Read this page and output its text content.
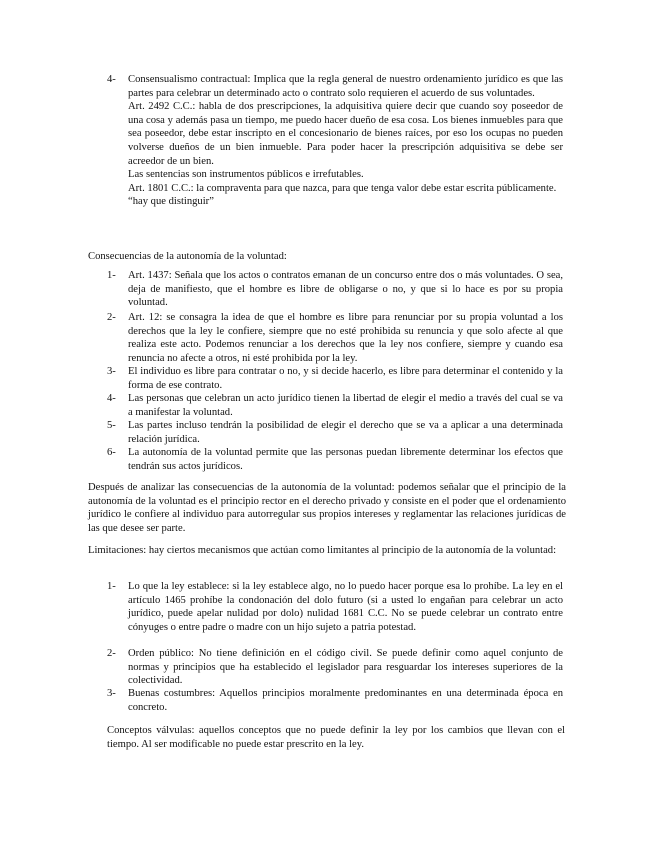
4- Consensualismo contractual: Implica que la regla general de nuestro ordenamiento jurídico es que las partes para celebrar un determinado acto o contrato solo requieren el acuerdo de sus voluntades.

Art. 2492 C.C.: habla de dos prescripciones, la adquisitiva quiere decir que cuando soy poseedor de una cosa y además pasa un tiempo, me puedo hacer dueño de esa cosa. Los bienes inmuebles para que sea poseedor, debe estar inscripto en el concesionario de bienes raíces, por eso los ocupas no pueden volverse dueños de un bien inmueble. Para poder hacer la prescripción adquisitiva se debe ser acreedor de un bien.

Las sentencias son instrumentos públicos e irrefutables.

Art. 1801 C.C.: la compraventa para que nazca, para que tenga valor debe estar escrita públicamente.

“hay que distinguir”

Consecuencias de la autonomía de la voluntad:
1- Art. 1437: Señala que los actos o contratos emanan de un concurso entre dos o más voluntades. O sea, deja de manifiesto, que el hombre es libre de obligarse o no, y que si lo hace es por su propia voluntad.
2- Art. 12: se consagra la idea de que el hombre es libre para renunciar por su propia voluntad a los derechos que la ley le confiere, siempre que no esté prohibida su renuncia y que solo afecte al que realiza este acto. Podemos renunciar a los derechos que la ley nos confiere, siempre y cuando esa renuncia no afecte a otros, ni esté prohibida por la ley.
3- El individuo es libre para contratar o no, y si decide hacerlo, es libre para determinar el contenido y la forma de ese contrato.
4- Las personas que celebran un acto jurídico tienen la libertad de elegir el medio a través del cual se va a manifestar la voluntad.
5- Las partes incluso tendrán la posibilidad de elegir el derecho que se va a aplicar a una determinada relación jurídica.
6- La autonomía de la voluntad permite que las personas puedan libremente determinar los efectos que tendrán sus actos jurídicos.
Después de analizar las consecuencias de la autonomía de la voluntad: podemos señalar que el principio de la autonomía de la voluntad es el principio rector en el derecho privado y consiste en el poder que el ordenamiento jurídico le confiere al individuo para autorregular sus propios intereses y reglamentar las relaciones jurídicas de las que desee ser parte.
Limitaciones: hay ciertos mecanismos que actúan como limitantes al principio de la autonomía de la voluntad:
1- Lo que la ley establece: si la ley establece algo, no lo puedo hacer porque esa lo prohíbe. La ley en el artículo 1465 prohíbe la condonación del dolo futuro (si a usted lo engañan para celebrar un acto jurídico, puede apelar nulidad por dolo) nulidad 1681 C.C. No se puede celebrar un contrato entre cónyuges o entre padre o madre con un hijo sujeto a patria potestad.
2- Orden público: No tiene definición en el código civil. Se puede definir como aquel conjunto de normas y principios que ha establecido el legislador para resguardar los intereses superiores de la colectividad.
3- Buenas costumbres: Aquellos principios moralmente predominantes en una determinada época en concreto.
Conceptos válvulas: aquellos conceptos que no puede definir la ley por los cambios que llevan con el tiempo. Al ser modificable no puede estar prescrito en la ley.
